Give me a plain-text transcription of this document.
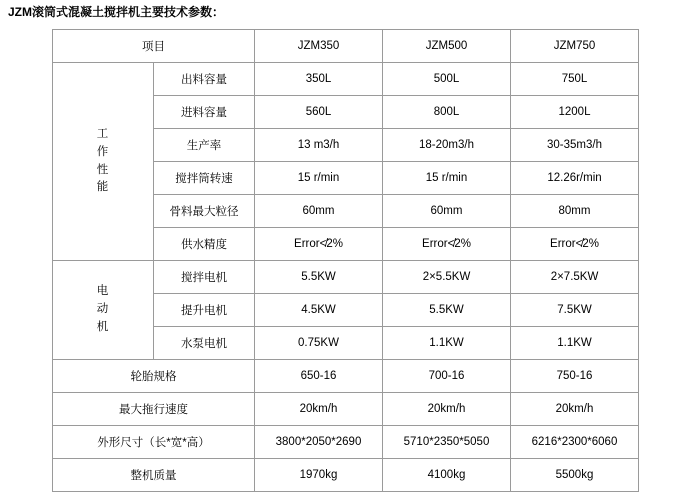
JZM滚筒式混凝土搅拌机主要技术参数：
项目		JZM350	JZM500	JZM750

工
作
性
能	出料容量	350L	500L	750L
	进料容量	560L	800L	1200L
	生产率	13 m3/h	18-20m3/h	30-35m3/h
	搅拌筒转速	15 r/min	15 r/min	12.26r/min
	骨料最大粒径	60mm	60mm	80mm
	供水精度	Error≮2%	Error≮2%	Error≮2%

电
动
机	搅拌电机	5.5KW	2×5.5KW	2×7.5KW
	提升电机	4.5KW	5.5KW	7.5KW
	水泵电机	0.75KW	1.1KW	1.1KW
轮胎规格		650-16	700-16	750-16
最大拖行速度		20km/h	20km/h	20km/h
外形尺寸（长*宽*高）		3800*2050*2690	5710*2350*5050	6216*2300*6060
整机质量		1970kg	4100kg	5500kg
